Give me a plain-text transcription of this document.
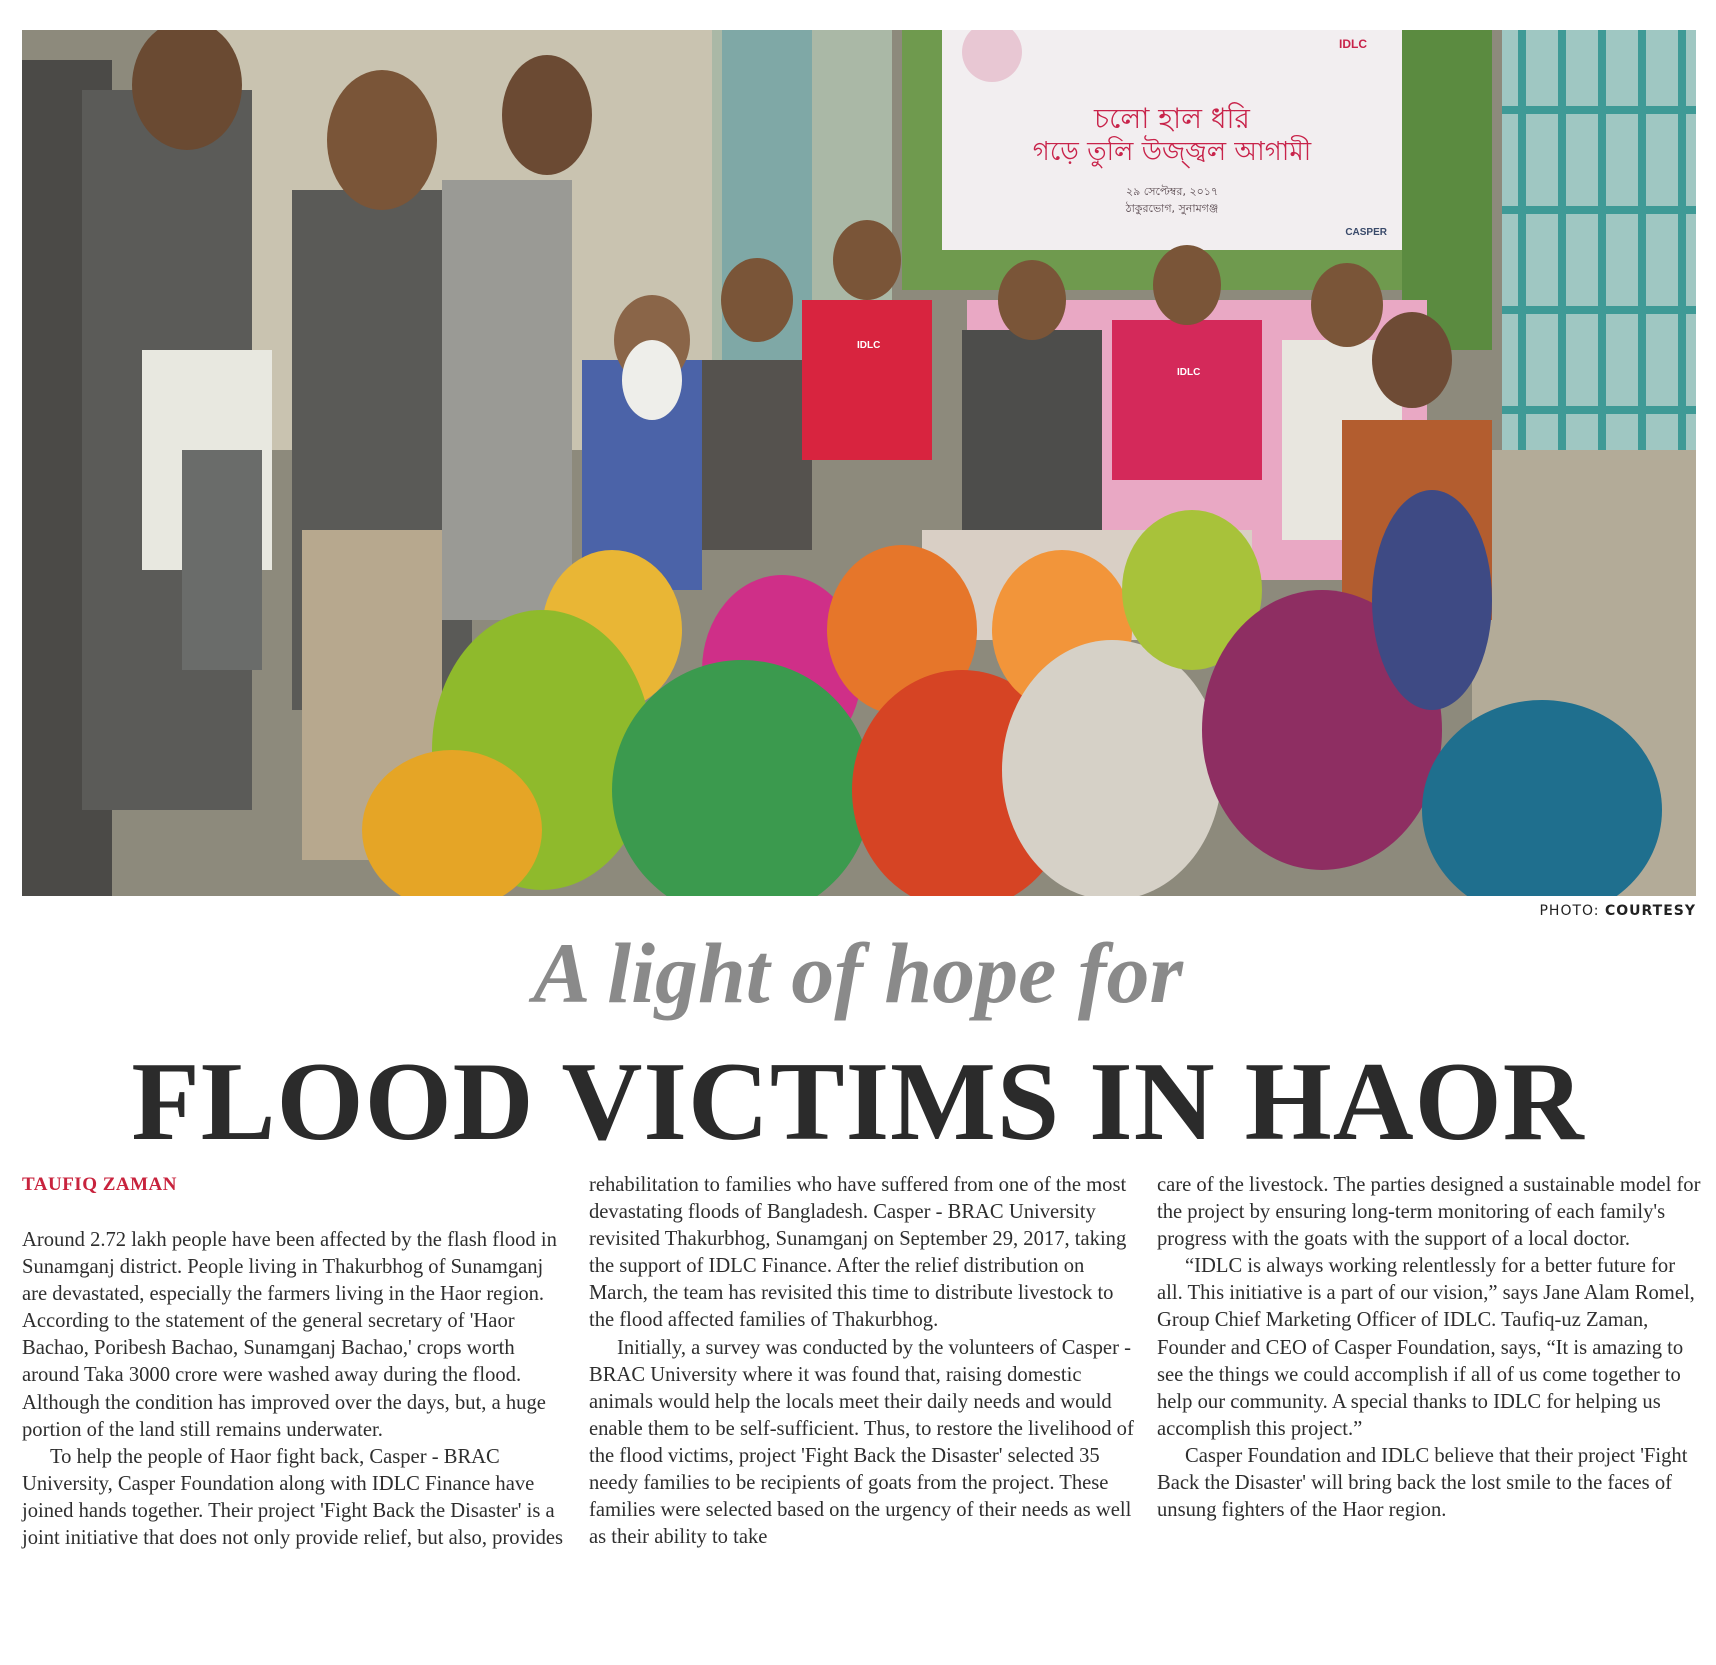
চলো হাল ধরি
গড়ে তুলি উজ্জ্বল আগামী
২৯ সেপ্টেম্বর, ২০১৭
ঠাকুরভোগ, সুনামগঞ্জ
IDLC
CASPER
IDLC
IDLC
PHOTO: COURTESY
A light of hope for
FLOOD VICTIMS IN HAOR
TAUFIQ ZAMAN

Around 2.72 lakh people have been affected by the flash flood in Sunamganj district. People living in Thakurbhog of Sunamganj are devastated, especially the farmers living in the Haor region. According to the statement of the general secretary of 'Haor Bachao, Poribesh Bachao, Sunamganj Bachao,' crops worth around Taka 3000 crore were washed away during the flood. Although the condition has improved over the days, but, a huge portion of the land still remains underwater.

To help the people of Haor fight back, Casper - BRAC University, Casper Foundation along with IDLC Finance have joined hands together. Their project 'Fight Back the Disaster' is a joint initiative that does not only provide relief, but also, provides

rehabilitation to families who have suffered from one of the most devastating floods of Bangladesh. Casper - BRAC University revisited Thakurbhog, Sunamganj on September 29, 2017, taking the support of IDLC Finance. After the relief distribution on March, the team has revisited this time to distribute livestock to the flood affected families of Thakurbhog.

Initially, a survey was conducted by the volunteers of Casper - BRAC University where it was found that, raising domestic animals would help the locals meet their daily needs and would enable them to be self-sufficient. Thus, to restore the livelihood of the flood victims, project 'Fight Back the Disaster' selected 35 needy families to be recipients of goats from the project. These families were selected based on the urgency of their needs as well as their ability to take

care of the livestock. The parties designed a sustainable model for the project by ensuring long-term monitoring of each family's progress with the goats with the support of a local doctor.

“IDLC is always working relentlessly for a better future for all. This initiative is a part of our vision,” says Jane Alam Romel, Group Chief Marketing Officer of IDLC. Taufiq-uz Zaman, Founder and CEO of Casper Foundation, says, “It is amazing to see the things we could accomplish if all of us come together to help our community. A special thanks to IDLC for helping us accomplish this project.”

Casper Foundation and IDLC believe that their project 'Fight Back the Disaster' will bring back the lost smile to the faces of unsung fighters of the Haor region.
